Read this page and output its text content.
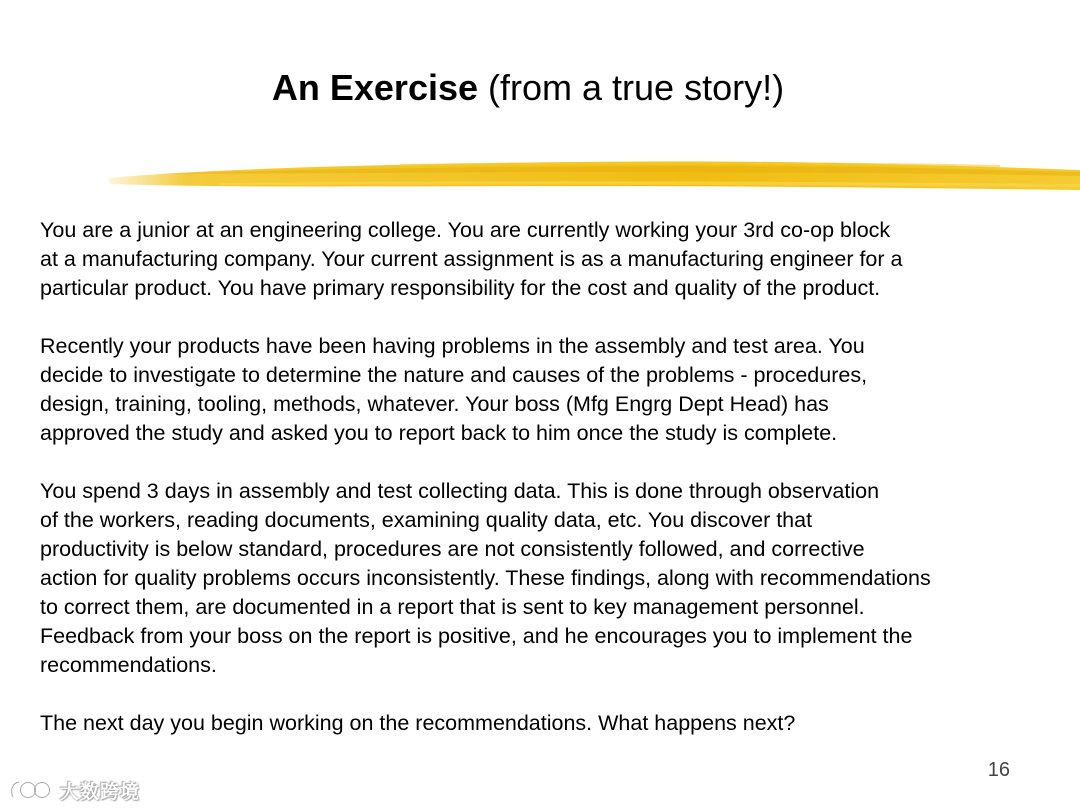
An Exercise (from a true story!)
You are a junior at an engineering college. You are currently working your 3rd co-op block
at a manufacturing company. Your current assignment is as a manufacturing engineer for a
particular product. You have primary responsibility for the cost and quality of the product.
Recently your products have been having problems in the assembly and test area. You
decide to investigate to determine the nature and causes of the problems - procedures,
design, training, tooling, methods, whatever. Your boss (Mfg Engrg Dept Head) has
approved the study and asked you to report back to him once the study is complete.
You spend 3 days in assembly and test collecting data. This is done through observation
of the workers, reading documents, examining quality data, etc. You discover that
productivity is below standard, procedures are not consistently followed, and corrective
action for quality problems occurs inconsistently. These findings, along with recommendations
to correct them, are documented in a report that is sent to key management personnel.
Feedback from your boss on the report is positive, and he encourages you to implement the
recommendations.
The next day you begin working on the recommendations. What happens next?
16
大数跨境
